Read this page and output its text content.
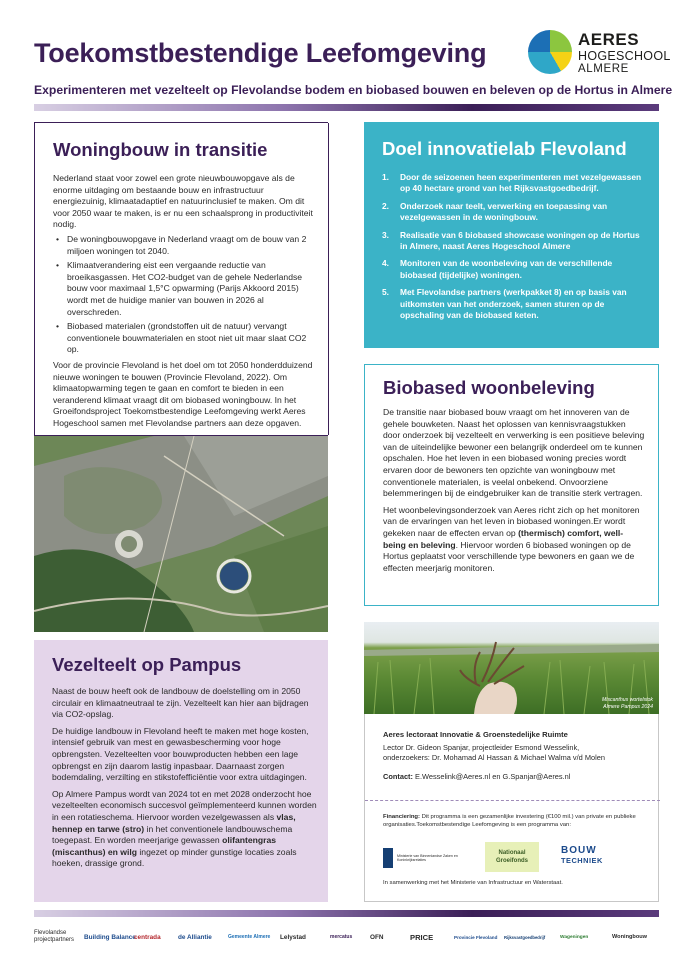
Toekomstbestendige Leefomgeving	AERES
HOGESCHOOL
ALMERE
Experimenteren met vezelteelt op Flevolandse bodem en biobased bouwen en beleven op de Hortus in Almere
Woningbouw in transitie

Nederland staat voor zowel een grote nieuwbouwopgave als de enorme uitdaging om bestaande bouw en infrastructuur energiezuinig, klimaatadaptief en natuurinclusief te maken. Om dit voor 2050 waar te maken, is er nu een schaalsprong in productiviteit nodig.

• De woningbouwopgave in Nederland vraagt om de bouw van 2 miljoen woningen tot 2040.
• Klimaatverandering eist een vergaande reductie van broeikasgassen. Het CO2-budget van de gehele Nederlandse bouw voor maximaal 1,5°C opwarming (Parijs Akkoord 2015) wordt met de huidige manier van bouwen in 2026 al overschreden.
• Biobased materialen (grondstoffen uit de natuur) vervangt conventionele bouwmaterialen en stoot niet uit maar slaat CO2 op.

Voor de provincie Flevoland is het doel om tot 2050 honderdduizend nieuwe woningen te bouwen (Provincie Flevoland, 2022). Om klimaatopwarming tegen te gaan en comfort te bieden in een veranderend klimaat vraagt dit om biobased woningbouw. In het Groeifondsproject Toekomstbestendige Leefomgeving werkt Aeres Hogeschool samen met Flevolandse partners aan deze opgaven.

Doel innovatielab Flevoland
1. Door de seizoenen heen experimenteren met vezelgewassen op 40 hectare grond van het Rijksvastgoedbedrijf.
2. Onderzoek naar teelt, verwerking en toepassing van vezelgewassen in de woningbouw.
3. Realisatie van 6 biobased showcase woningen op de Hortus in Almere, naast Aeres Hogeschool Almere
4. Monitoren van de woonbeleving van de verschillende biobased (tijdelijke) woningen.
5. Met Flevolandse partners (werkpakket 8) en op basis van uitkomsten van het onderzoek, samen sturen op de opschaling van de biobased keten.
Biobased woonbeleving

De transitie naar biobased bouw vraagt om het innoveren van de gehele bouwketen. Naast het oplossen van kennisvraagstukken door onderzoek bij vezelteelt en verwerking is een positieve beleving van de uiteindelijke bewoner een belangrijk onderdeel om te kunnen opschalen. Hoe het leven in een biobased woning precies wordt ervaren door de bewoners ten opzichte van woningbouw met conventionele materialen, is veelal onbekend. Onvoorziene belemmeringen bij de eindgebruiker kan de transitie sterk vertragen.

Het woonbelevingsonderzoek van Aeres richt zich op het monitoren van de ervaringen van het leven in biobased woningen.Er wordt gekeken naar de effecten ervan op (thermisch) comfort, well-being en beleving. Hiervoor worden 6 biobased woningen op de Hortus geplaatst voor verschillende type bewoners en gaan we de effecten meerjarig monitoren.

Vezelteelt op Pampus

Naast de bouw heeft ook de landbouw de doelstelling om in 2050 circulair en klimaatneutraal te zijn. Vezelteelt kan hier aan bijdragen via CO2-opslag.

De huidige landbouw in Flevoland heeft te maken met hoge kosten, intensief gebruik van mest en gewasbescherming voor hoge opbrengsten. Vezelteelten voor bouwproducten hebben een lage opbrengst en zijn daarom lastig inpasbaar. Daarnaast zorgen bodemdaling, verzilting en stikstofefficiëntie voor extra uitdagingen.

Op Almere Pampus wordt van 2024 tot en met 2028 onderzocht hoe vezelteelten economisch succesvol geïmplementeerd kunnen worden in een rotatieschema. Hiervoor worden vezelgewassen als vlas, hennep en tarwe (stro) in het conventionele landbouwschema toegepast. En worden meerjarige gewassen olifantengras (miscanthus) en wilg ingezet op minder gunstige locaties zoals hoeken, drassige grond.

Miscanthus wortelstok
Almere Pampus 2024
Aeres lectoraat Innovatie & Groenstedelijke Ruimte
Lector Dr. Gideon Spanjar, projectleider Esmond Wesselink,
onderzoekers: Dr. Mohamad Al Hassan & Michael Walma v/d Molen
Contact: E.Wesselink@Aeres.nl en G.Spanjar@Aeres.nl
Financiering: Dit programma is een gezamenlijke investering (€100 mil.) van private en publieke organisaties.Toekomstbestendige Leefomgeving is een programma van:
Ministerie van Binnenlandse Zaken en Koninkrijksrelaties
Nationaal
Groeifonds
BOUW
TECHNIEK
In samenwerking met het Ministerie van Infrastructuur en Waterstaat.
Flevolandse
projectpartners Building Balance
centrada	de Alliantie	Gemeente Almere Lelystad	mercatus	OFN	PRICE	Provincie Flevoland Rijksvastgoedbedrijf	Wageningen	Woningbouw
